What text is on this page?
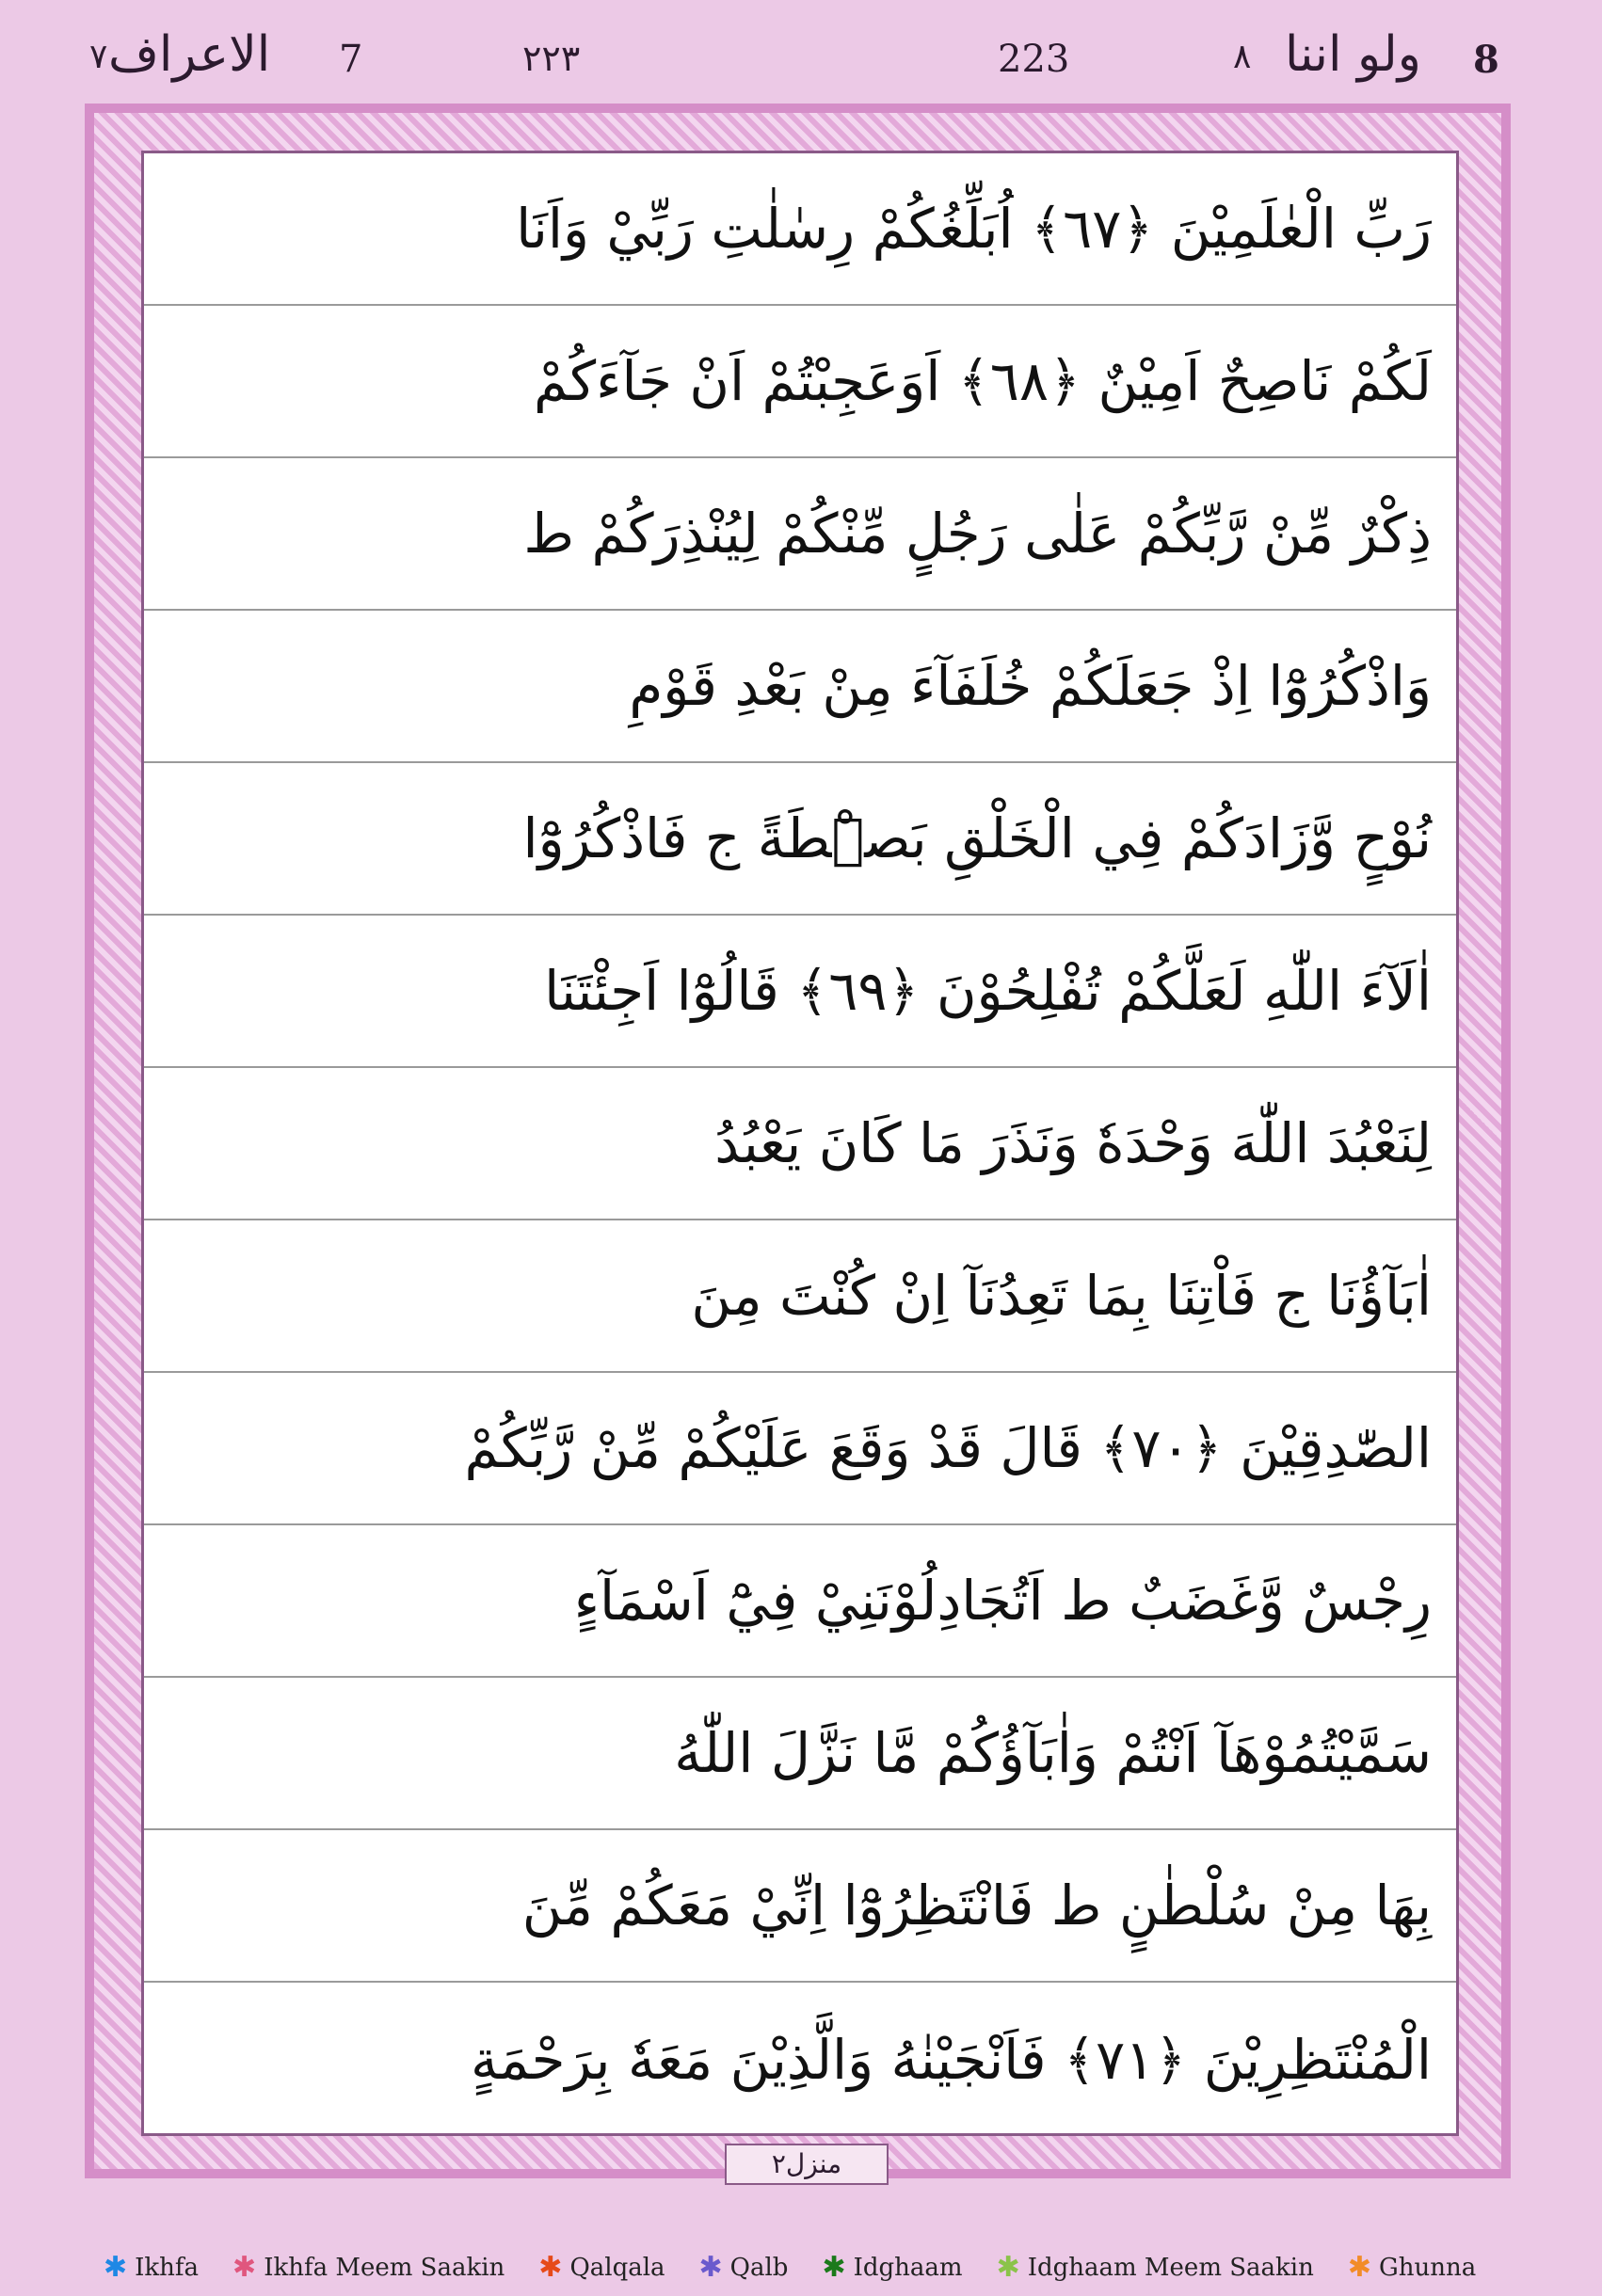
٧ الاعراف 7	٢٢٣	223	٨ ولو اننا 8
رَبِّ الْعٰلَمِيْنَ ﴿٦٧﴾ اُبَلِّغُكُمْ رِسٰلٰتِ رَبِّيْ وَاَنَا
لَكُمْ نَاصِحٌ اَمِيْنٌ ﴿٦٨﴾ اَوَعَجِبْتُمْ اَنْ جَآءَكُمْ
ذِكْرٌ مِّنْ رَّبِّكُمْ عَلٰى رَجُلٍ مِّنْكُمْ لِيُنْذِرَكُمْ ط
وَاذْكُرُوْٓا اِذْ جَعَلَكُمْ خُلَفَآءَ مِنْ بَعْدِ قَوْمِ
نُوْحٍ وَّزَادَكُمْ فِي الْخَلْقِ بَصْۜطَةً ج فَاذْكُرُوْٓا
اٰلَآءَ اللّٰهِ لَعَلَّكُمْ تُفْلِحُوْنَ ﴿٦٩﴾ قَالُوْٓا اَجِئْتَنَا
لِنَعْبُدَ اللّٰهَ وَحْدَهٗ وَنَذَرَ مَا كَانَ يَعْبُدُ
اٰبَآؤُنَا ج فَاْتِنَا بِمَا تَعِدُنَآ اِنْ كُنْتَ مِنَ
الصّٰدِقِيْنَ ﴿٧٠﴾ قَالَ قَدْ وَقَعَ عَلَيْكُمْ مِّنْ رَّبِّكُمْ
رِجْسٌ وَّغَضَبٌ ط اَتُجَادِلُوْنَنِيْ فِيْٓ اَسْمَآءٍ
سَمَّيْتُمُوْهَآ اَنْتُمْ وَاٰبَآؤُكُمْ مَّا نَزَّلَ اللّٰهُ
بِهَا مِنْ سُلْطٰنٍ ط فَانْتَظِرُوْٓا اِنِّيْ مَعَكُمْ مِّنَ
الْمُنْتَظِرِيْنَ ﴿٧١﴾ فَاَنْجَيْنٰهُ وَالَّذِيْنَ مَعَهٗ بِرَحْمَةٍ
منزل٢
✱ Ikhfa ✱ Ikhfa Meem Saakin ✱ Qalqala ✱ Qalb ✱ Idghaam ✱ Idghaam Meem Saakin ✱ Ghunna
